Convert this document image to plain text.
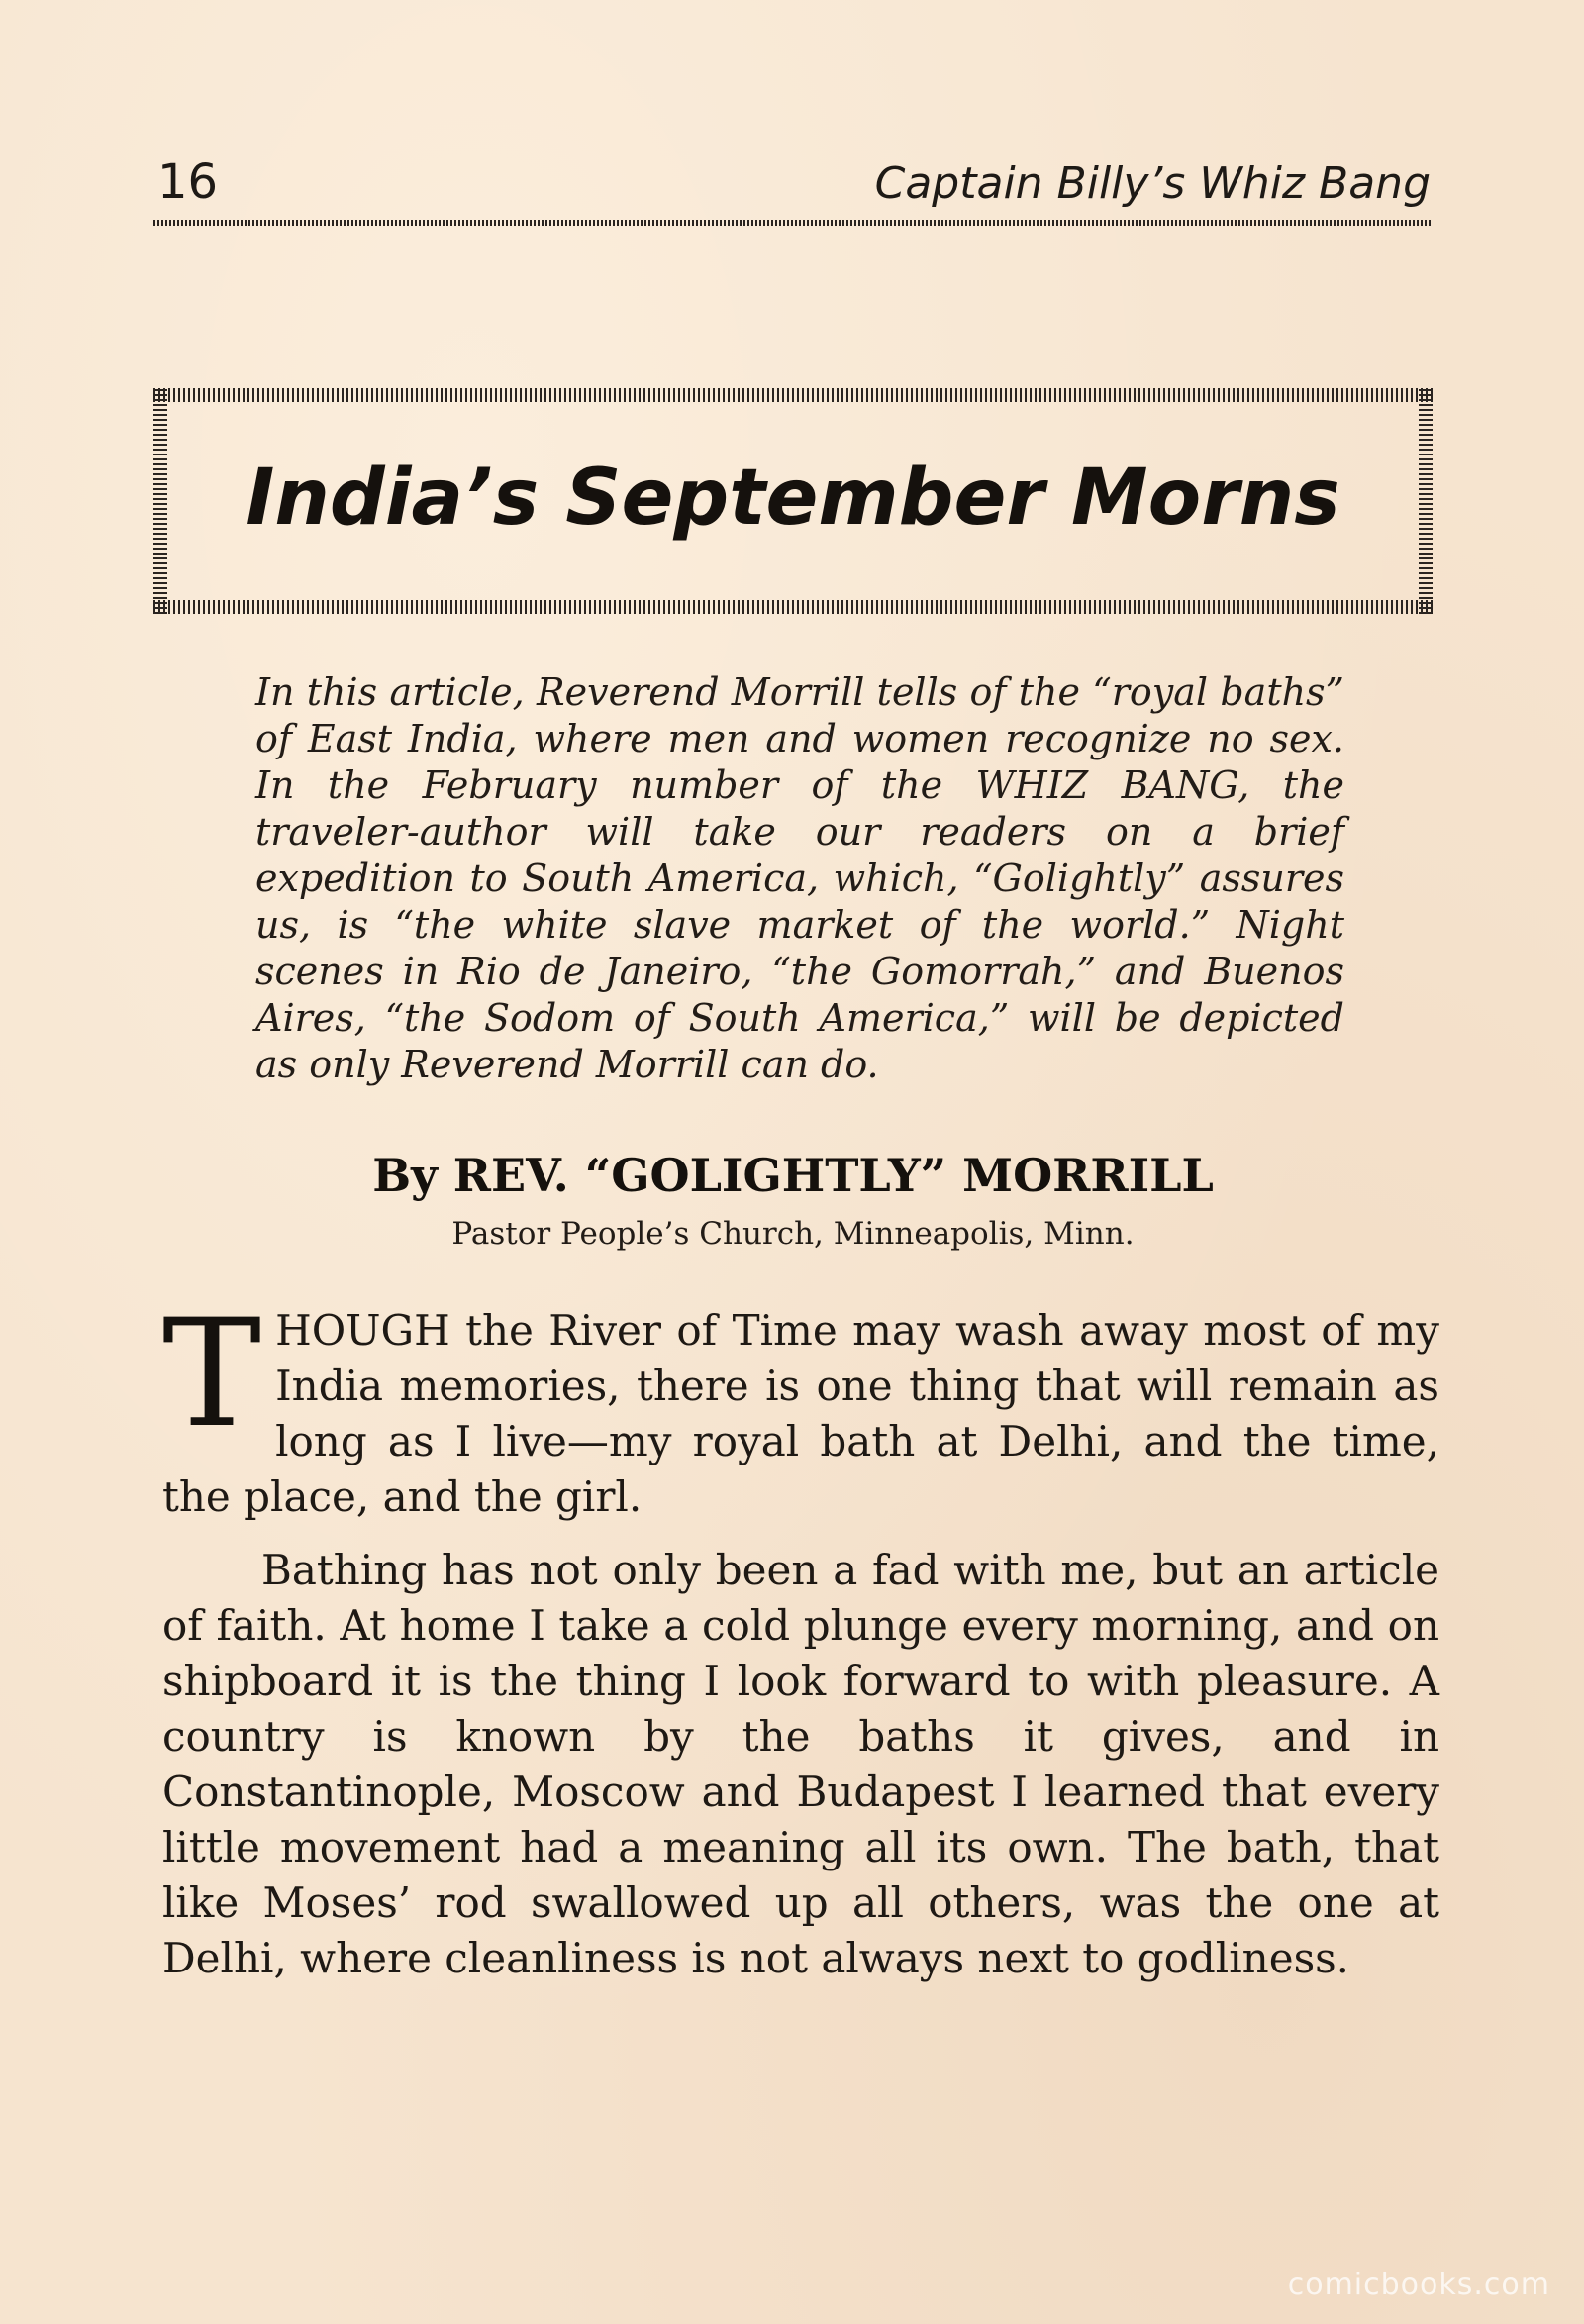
16	Captain Billy’s Whiz Bang
India’s September Morns
In this article, Reverend Morrill tells of the “royal baths” of East India, where men and women recognize no sex. In the February number of the WHIZ BANG, the traveler-author will take our readers on a brief expedition to South America, which, “Golightly” assures us, is “the white slave market of the world.” Night scenes in Rio de Janeiro, “the Gomorrah,” and Buenos Aires, “the Sodom of South America,” will be depicted as only Reverend Morrill can do.
By REV. “GOLIGHTLY” MORRILL
Pastor People’s Church, Minneapolis, Minn.

THOUGH the River of Time may wash away most of my India memories, there is one thing that will remain as long as I live—my royal bath at Delhi, and the time, the place, and the girl.

Bathing has not only been a fad with me, but an article of faith. At home I take a cold plunge every morning, and on shipboard it is the thing I look forward to with pleasure. A country is known by the baths it gives, and in Constantinople, Moscow and Budapest I learned that every little movement had a meaning all its own. The bath, that like Moses’ rod swallowed up all others, was the one at Delhi, where cleanliness is not always next to godliness.

comicbooks.com
